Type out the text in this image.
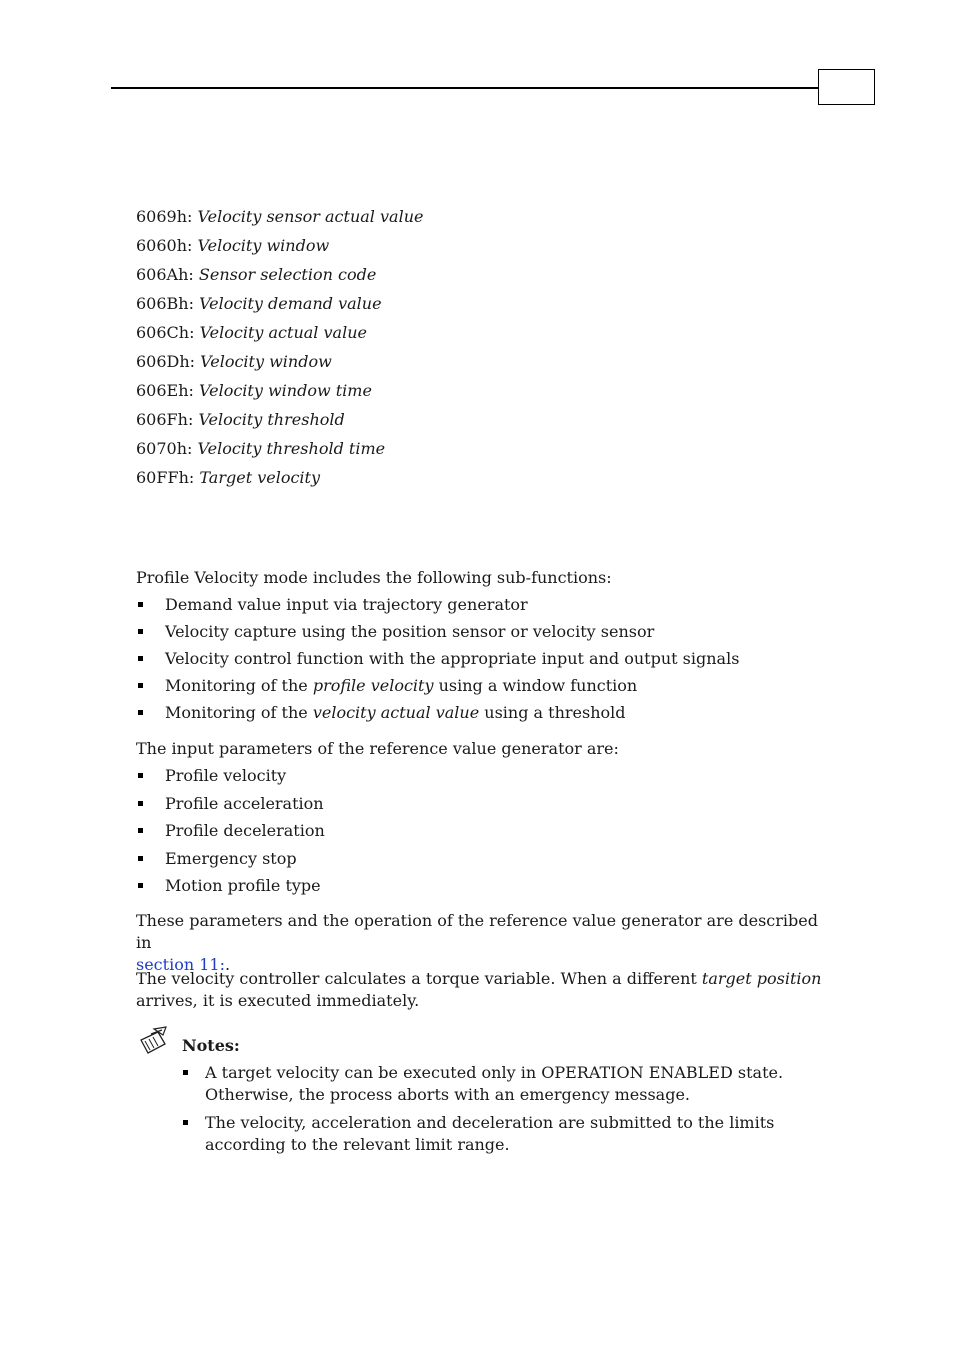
6069h: Velocity sensor actual value
6060h: Velocity window
606Ah: Sensor selection code
606Bh: Velocity demand value
606Ch: Velocity actual value
606Dh: Velocity window
606Eh: Velocity window time
606Fh: Velocity threshold
6070h: Velocity threshold time
60FFh: Target velocity

Profile Velocity mode includes the following sub-functions:

Demand value input via trajectory generator
Velocity capture using the position sensor or velocity sensor
Velocity control function with the appropriate input and output signals
Monitoring of the profile velocity using a window function
Monitoring of the velocity actual value using a threshold

The input parameters of the reference value generator are:

Profile velocity
Profile acceleration
Profile deceleration
Emergency stop
Motion profile type

These parameters and the operation of the reference value generator are described in
section 11:.

The velocity controller calculates a torque variable. When a different target position arrives, it is executed immediately.

Notes:
A target velocity can be executed only in OPERATION ENABLED state. Otherwise, the process aborts with an emergency message.
The velocity, acceleration and deceleration are submitted to the limits according to the relevant limit range.
